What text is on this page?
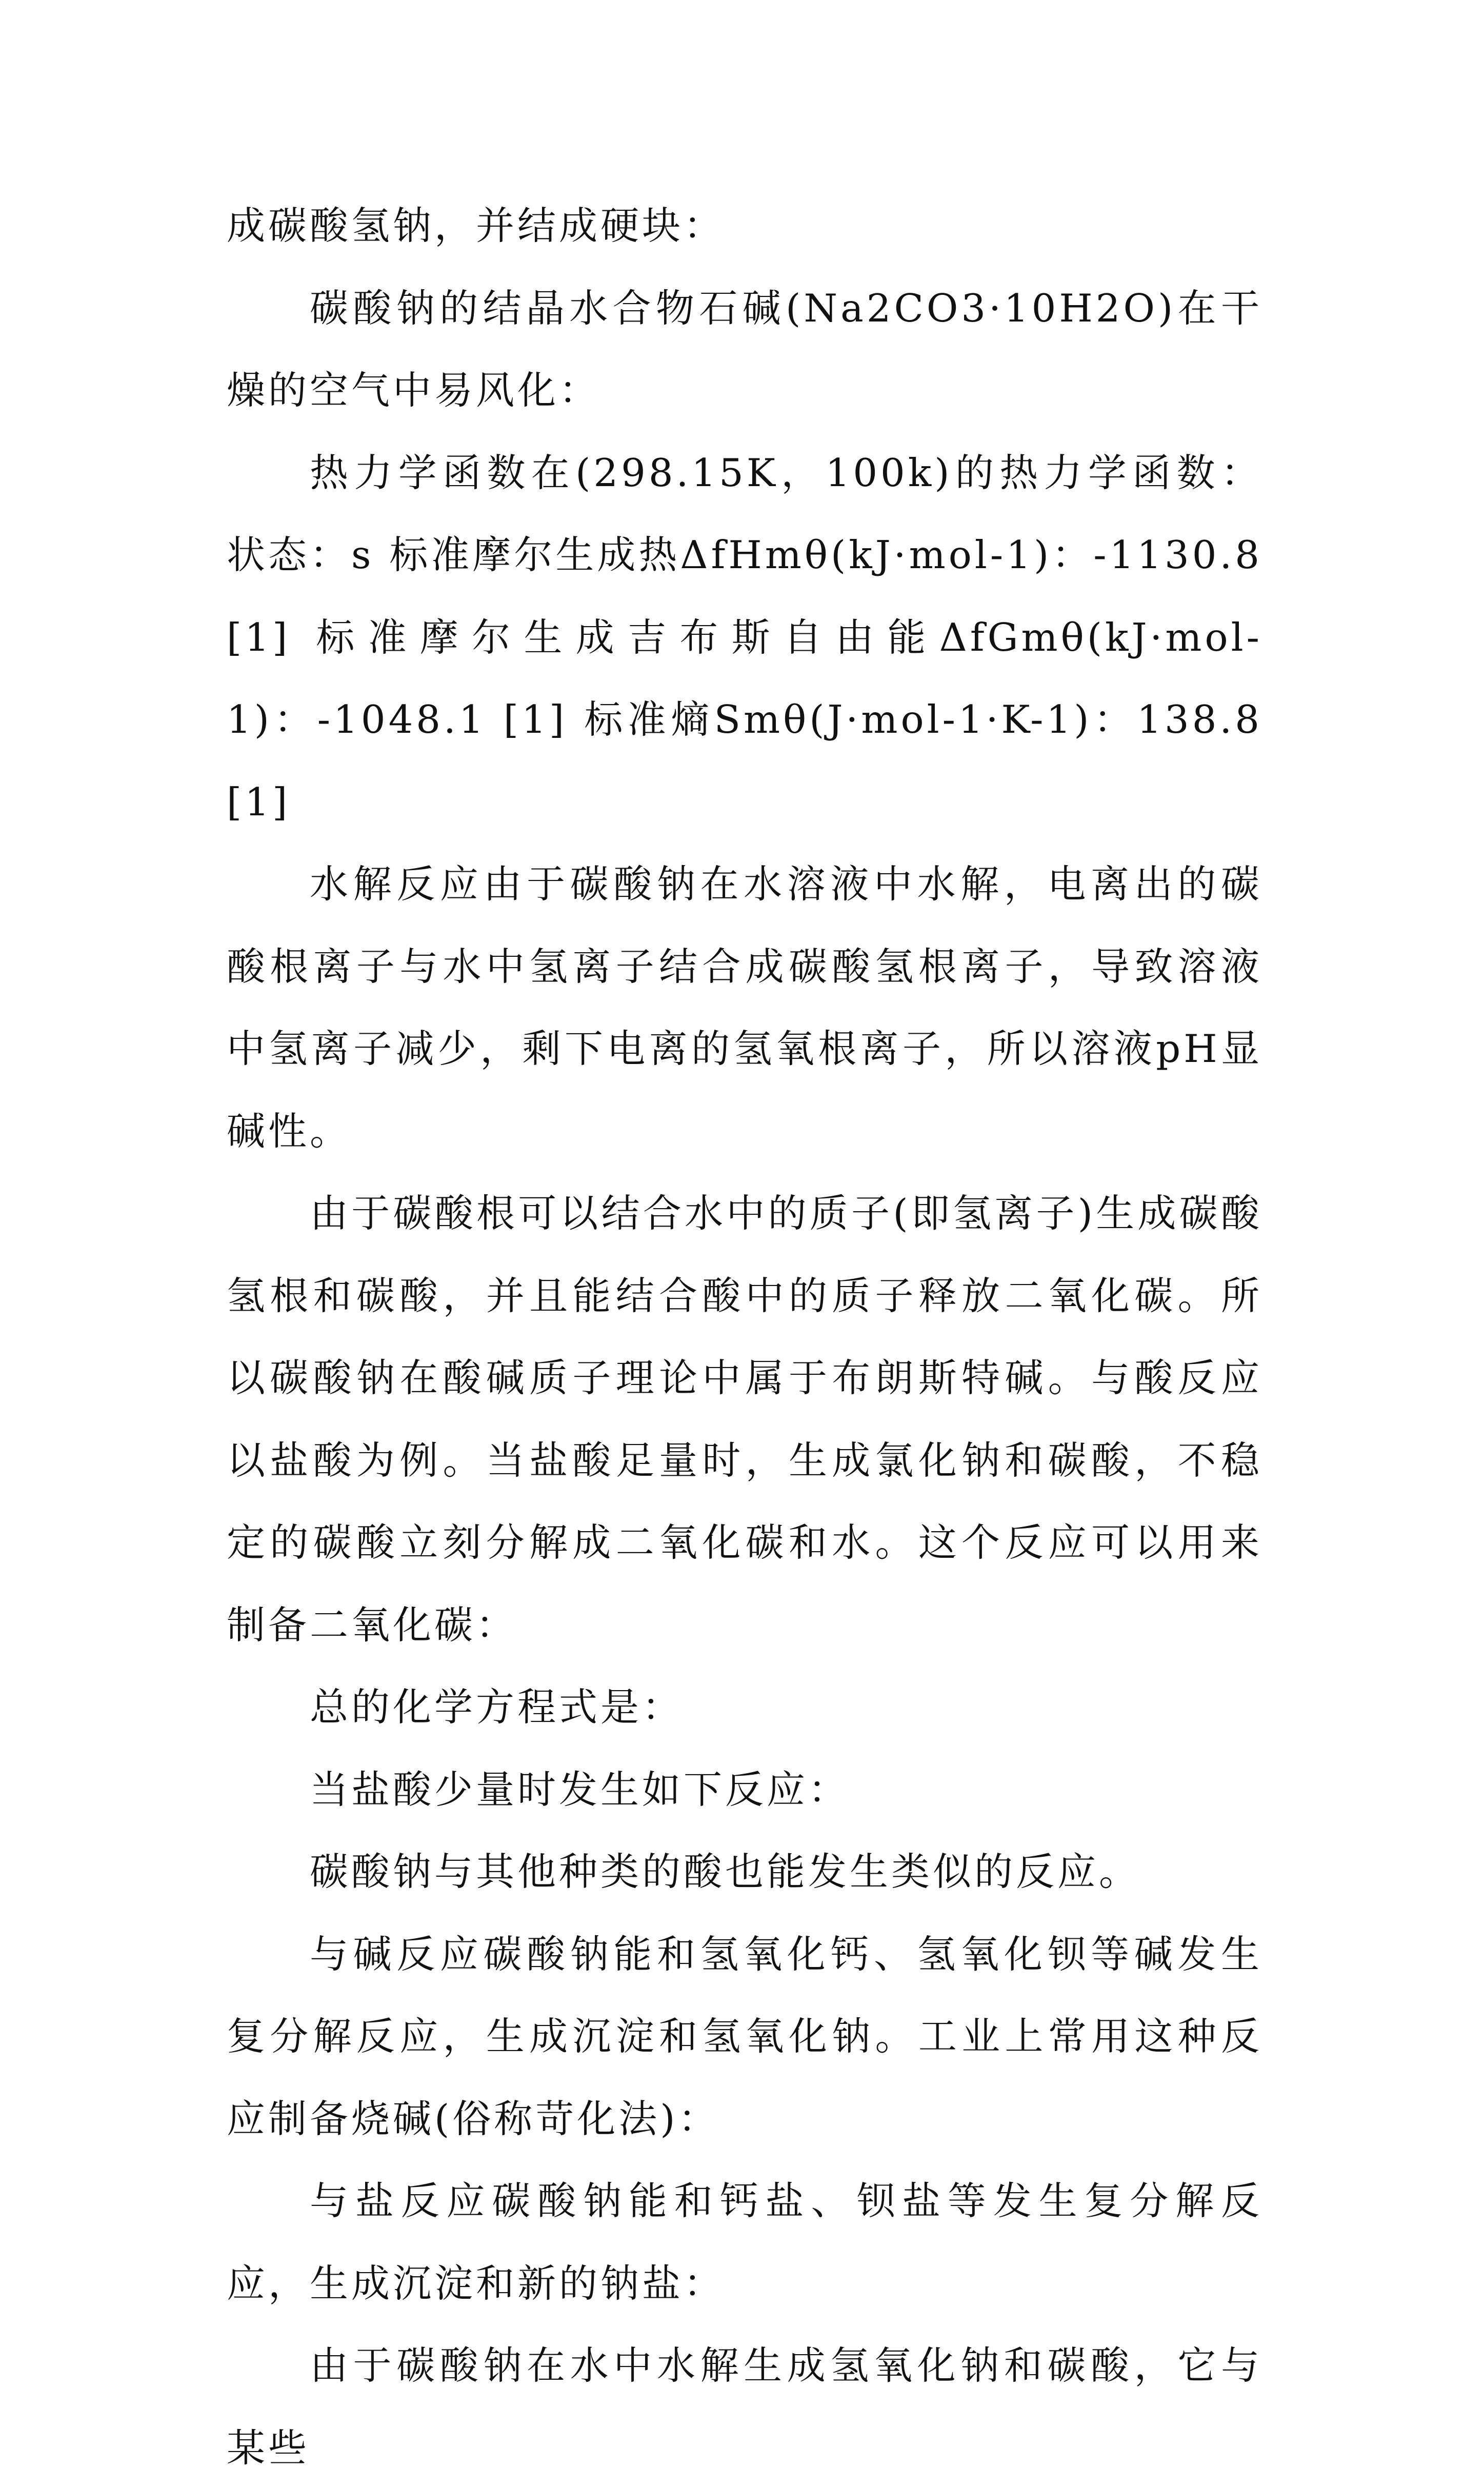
成碳酸氢钠，并结成硬块：

碳酸钠的结晶水合物石碱(Na2CO3·10H2O)在干燥的空气中易风化：

热力学函数在(298.15K，100k)的热力学函数：状态：s 标准摩尔生成热ΔfHmθ(kJ·mol-1)：-1130.8 [1] 标准摩尔生成吉布斯自由能ΔfGmθ(kJ·mol-1)：-1048.1 [1] 标准熵Smθ(J·mol-1·K-1)：138.8 [1]

水解反应由于碳酸钠在水溶液中水解，电离出的碳酸根离子与水中氢离子结合成碳酸氢根离子，导致溶液中氢离子减少，剩下电离的氢氧根离子，所以溶液pH显碱性。

由于碳酸根可以结合水中的质子(即氢离子)生成碳酸氢根和碳酸，并且能结合酸中的质子释放二氧化碳。所以碳酸钠在酸碱质子理论中属于布朗斯特碱。与酸反应以盐酸为例。当盐酸足量时，生成氯化钠和碳酸，不稳定的碳酸立刻分解成二氧化碳和水。这个反应可以用来制备二氧化碳：

总的化学方程式是：

当盐酸少量时发生如下反应：

碳酸钠与其他种类的酸也能发生类似的反应。

与碱反应碳酸钠能和氢氧化钙、氢氧化钡等碱发生复分解反应，生成沉淀和氢氧化钠。工业上常用这种反应制备烧碱(俗称苛化法)：

与盐反应碳酸钠能和钙盐、钡盐等发生复分解反应，生成沉淀和新的钠盐：

由于碳酸钠在水中水解生成氢氧化钠和碳酸，它与某些
